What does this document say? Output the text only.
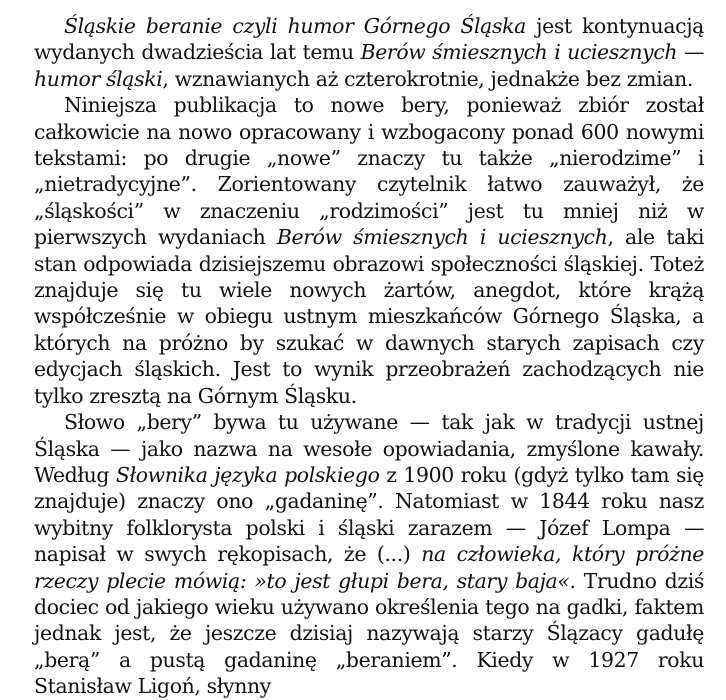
Śląskie beranie czyli humor Górnego Śląska jest kontynuacją wydanych dwadzieścia lat temu Berów śmiesznych i uciesznych — humor śląski, wznawianych aż czterokrotnie, jednakże bez zmian.

Niniejsza publikacja to nowe bery, ponieważ zbiór został całkowicie na nowo opracowany i wzbogacony ponad 600 nowymi tekstami: po drugie „nowe” znaczy tu także „nierodzime” i „nietradycyjne”. Zorientowany czytelnik łatwo zauważył, że „śląskości” w znaczeniu „rodzimości” jest tu mniej niż w pierwszych wydaniach Berów śmiesznych i uciesznych, ale taki stan odpowiada dzisiejszemu obrazowi społeczności śląskiej. Toteż znajduje się tu wiele nowych żartów, anegdot, które krążą współcześnie w obiegu ustnym mieszkańców Górnego Śląska, a których na próżno by szukać w dawnych starych zapisach czy edycjach śląskich. Jest to wynik przeobrażeń zachodzących nie tylko zresztą na Górnym Śląsku.

Słowo „bery” bywa tu używane — tak jak w tradycji ustnej Śląska — jako nazwa na wesołe opowiadania, zmyślone kawały. Według Słownika języka polskiego z 1900 roku (gdyż tylko tam się znajduje) znaczy ono „gadaninę”. Natomiast w 1844 roku nasz wybitny folklorysta polski i śląski zarazem — Józef Lompa — napisał w swych rękopisach, że (...) na człowieka, który próżne rzeczy plecie mówią: »to jest głupi bera, stary baja«. Trudno dziś dociec od jakiego wieku używano określenia tego na gadki, faktem jednak jest, że jeszcze dzisiaj nazywają starzy Ślązacy gadułę „berą” a pustą gadaninę „beraniem”. Kiedy w 1927 roku Stanisław Ligoń, słynny
